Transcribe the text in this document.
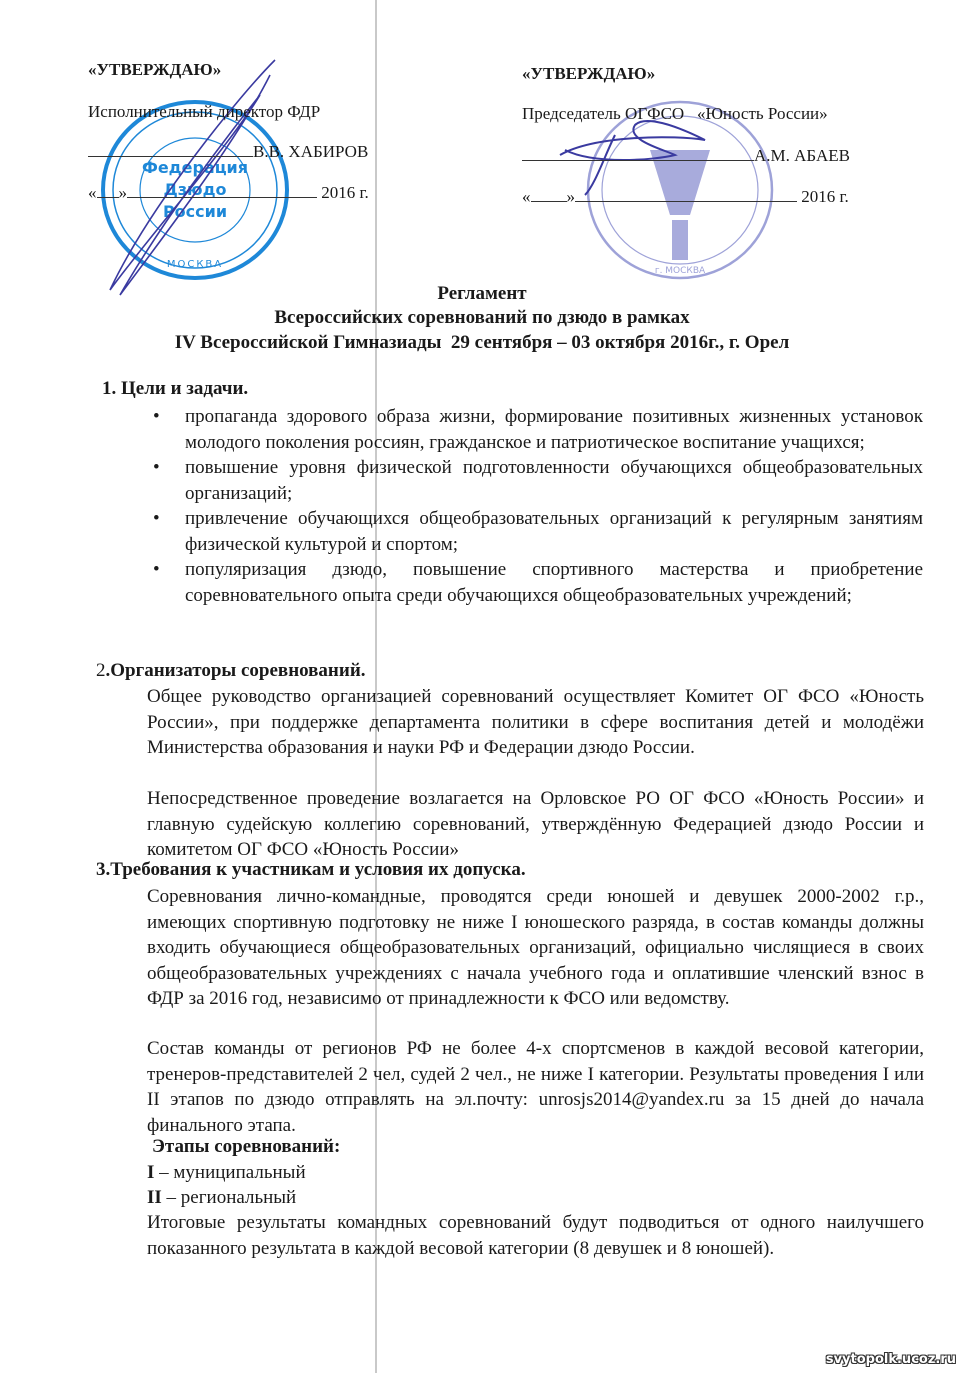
Федерация
Дзюдо
России
МОСКВА
г. МОСКВА
«УТВЕРЖДАЮ»
Исполнительный директор ФДР
В.В. ХАБИРОВ
« »	2016 г.
«УТВЕРЖДАЮ»
Председатель ОГФСО   «Юность России»
А.М. АБАЕВ
« »	2016 г.
Регламент
Всероссийских соревнований по дзюдо в рамках
IV Всероссийской Гимназиады  29 сентября – 03 октября 2016г., г. Орел
1. Цели и задачи.
•	пропаганда здорового образа жизни, формирование позитивных жизненных установок молодого поколения россиян, гражданское и патриотическое воспитание учащихся;
•	повышение уровня физической подготовленности обучающихся общеобразовательных организаций;
•	привлечение обучающихся общеобразовательных организаций к регулярным занятиям физической культурой и спортом;
•	популяризация дзюдо, повышение спортивного мастерства и приобретение соревновательного опыта среди обучающихся общеобразовательных учреждений;
2.Организаторы соревнований.
Общее руководство организацией соревнований осуществляет Комитет ОГ ФСО «Юность России», при поддержке департамента политики в сфере воспитания детей и молодёжи Министерства образования и науки РФ и Федерации дзюдо России.
Непосредственное проведение возлагается на Орловское РО ОГ ФСО «Юность России» и главную судейскую коллегию соревнований, утверждённую Федерацией дзюдо России и комитетом ОГ ФСО «Юность России»
3.Требования к участникам и условия их допуска.
Соревнования лично-командные, проводятся среди юношей и девушек 2000-2002 г.р., имеющих спортивную подготовку не ниже I юношеского разряда, в состав команды должны входить обучающиеся общеобразовательных организаций, официально числящиеся в своих общеобразовательных учреждениях с начала учебного года и оплатившие членский взнос в ФДР за 2016 год, независимо от принадлежности к ФСО или ведомству.
Состав команды от регионов РФ не более 4-х спортсменов в каждой весовой категории, тренеров-представителей 2 чел, судей 2 чел., не ниже I категории. Результаты проведения I или II этапов по дзюдо отправлять на эл.почту: unrosjs2014@yandex.ru за 15 дней до начала финального этапа.
Этапы соревнований:
I – муниципальный
II – региональный
Итоговые результаты командных соревнований будут подводиться от одного наилучшего показанного результата в каждой весовой категории (8 девушек и 8 юношей).
svytopolk.ucoz.ru
